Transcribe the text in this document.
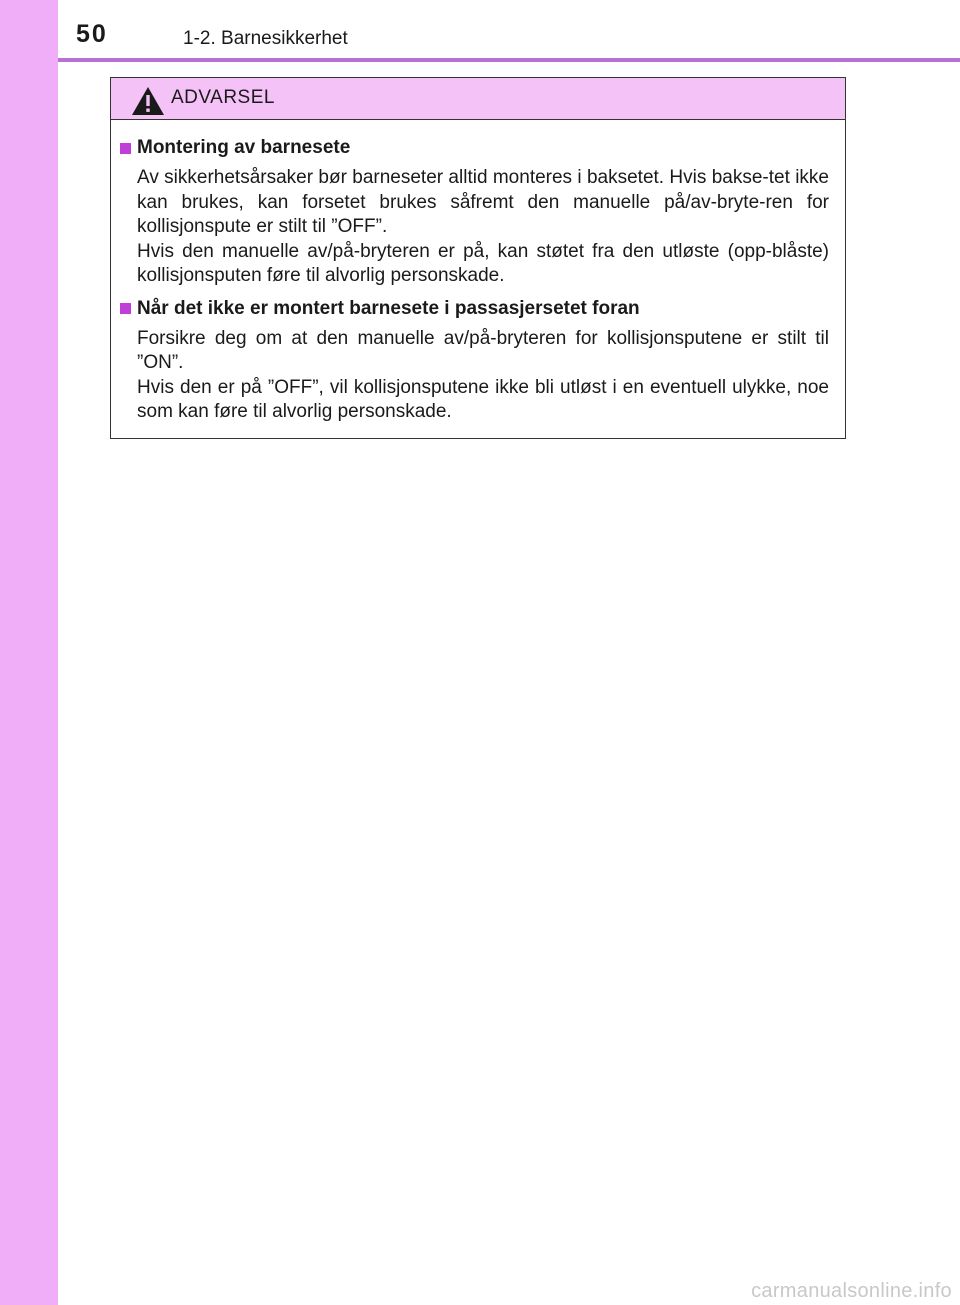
50	1-2. Barnesikkerhet
ADVARSEL
Montering av barnesete

Av sikkerhetsårsaker bør barneseter alltid monteres i baksetet. Hvis bakse-tet ikke kan brukes, kan forsetet brukes såfremt den manuelle på/av-bryte-ren for kollisjonspute er stilt til ”OFF”.

Hvis den manuelle av/på-bryteren er på, kan støtet fra den utløste (opp-blåste) kollisjonsputen føre til alvorlig personskade.

Når det ikke er montert barnesete i passasjersetet foran

Forsikre deg om at den manuelle av/på-bryteren for kollisjonsputene er stilt til ”ON”.

Hvis den er på ”OFF”, vil kollisjonsputene ikke bli utløst i en eventuell ulykke, noe som kan føre til alvorlig personskade.

carmanualsonline.info
